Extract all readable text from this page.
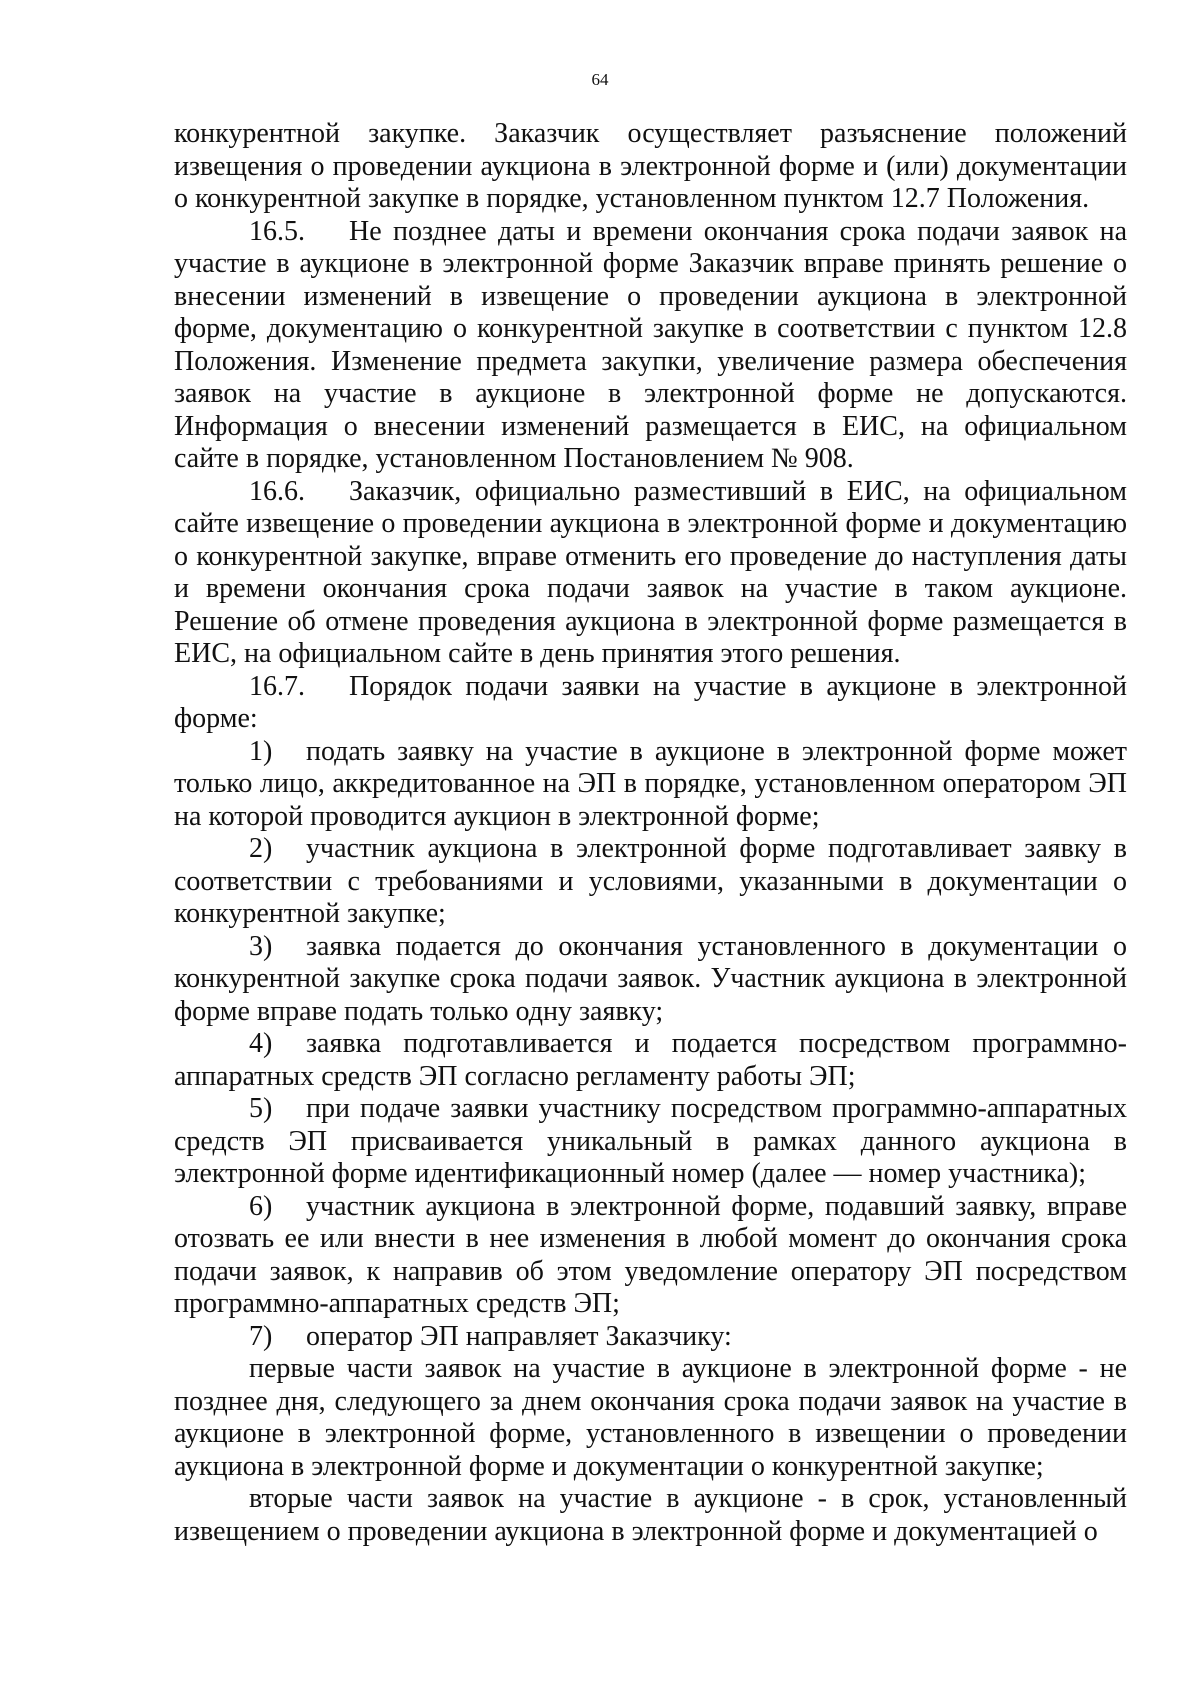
64

конкурентной закупке. Заказчик осуществляет разъяснение положений извещения о проведении аукциона в электронной форме и (или) документации о конкурентной закупке в порядке, установленном пунктом 12.7 Положения.

16.5. Не позднее даты и времени окончания срока подачи заявок на участие в аукционе в электронной форме Заказчик вправе принять решение о внесении изменений в извещение о проведении аукциона в электронной форме, документацию о конкурентной закупке в соответствии с пунктом 12.8 Положения. Изменение предмета закупки, увеличение размера обеспечения заявок на участие в аукционе в электронной форме не допускаются. Информация о внесении изменений размещается в ЕИС, на официальном сайте в порядке, установленном Постановлением № 908.

16.6. Заказчик, официально разместивший в ЕИС, на официальном сайте извещение о проведении аукциона в электронной форме и документацию о конкурентной закупке, вправе отменить его проведение до наступления даты и времени окончания срока подачи заявок на участие в таком аукционе. Решение об отмене проведения аукциона в электронной форме размещается в ЕИС, на официальном сайте в день принятия этого решения.

16.7. Порядок подачи заявки на участие в аукционе в электронной форме:

1) подать заявку на участие в аукционе в электронной форме может только лицо, аккредитованное на ЭП в порядке, установленном оператором ЭП на которой проводится аукцион в электронной форме;

2) участник аукциона в электронной форме подготавливает заявку в соответствии с требованиями и условиями, указанными в документации о конкурентной закупке;

3) заявка подается до окончания установленного в документации о конкурентной закупке срока подачи заявок. Участник аукциона в электронной форме вправе подать только одну заявку;

4) заявка подготавливается и подается посредством программно-аппаратных средств ЭП согласно регламенту работы ЭП;

5) при подаче заявки участнику посредством программно-аппаратных средств ЭП присваивается уникальный в рамках данного аукциона в электронной форме идентификационный номер (далее — номер участника);

6) участник аукциона в электронной форме, подавший заявку, вправе отозвать ее или внести в нее изменения в любой момент до окончания срока подачи заявок, к направив об этом уведомление оператору ЭП посредством программно-аппаратных средств ЭП;

7) оператор ЭП направляет Заказчику:

первые части заявок на участие в аукционе в электронной форме - не позднее дня, следующего за днем окончания срока подачи заявок на участие в аукционе в электронной форме, установленного в извещении о проведении аукциона в электронной форме и документации о конкурентной закупке;

вторые части заявок на участие в аукционе - в срок, установленный извещением о проведении аукциона в электронной форме и документацией о
